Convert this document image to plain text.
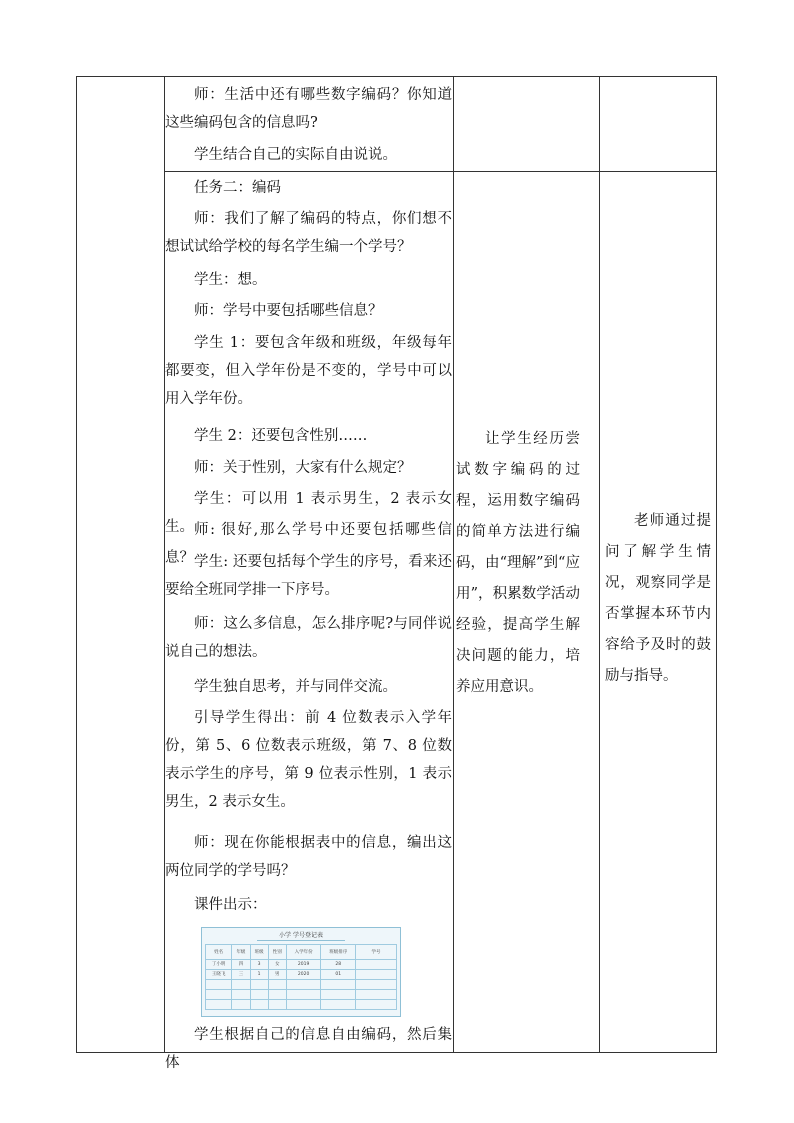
师：生活中还有哪些数字编码？你知道这些编码包含的信息吗?
学生结合自己的实际自由说说。
任务二：编码
师：我们了解了编码的特点，你们想不想试试给学校的每名学生编一个学号？
学生：想。
师：学号中要包括哪些信息？
学生 1：要包含年级和班级，年级每年都要变，但入学年份是不变的，学号中可以用入学年份。
学生 2：还要包含性别……
师：关于性别，大家有什么规定？
学生：可以用 1 表示男生，2 表示女生。 师: 很好,那么学号中还要包括哪些信息？ 学生: 还要包括每个学生的序号，看来还要给全班同学排一下序号。
师：这么多信息，怎么排序呢?与同伴说说自己的想法。
学生独自思考，并与同伴交流。
引导学生得出：前 4 位数表示入学年份，第 5、6 位数表示班级，第 7、8 位数表示学生的序号，第 9 位表示性别，1 表示男生，2 表示女生。
师：现在你能根据表中的信息，编出这两位同学的学号吗？
课件出示：
学生根据自己的信息自由编码，然后集体
小学 学号登记表
姓名	年级	班级	性别	入学年份	班级排序	学号
丁小明	四	3	女	2019	28	
王晓飞	三	1	男	2020	01	

让学生经历尝试数字编码的过程，运用数字编码的简单方法进行编码，由“理解”到“应用”，积累数学活动经验，提高学生解决问题的能力，培养应用意识。
老师通过提问了解学生情况，观察同学是否掌握本环节内容给予及时的鼓励与指导。
